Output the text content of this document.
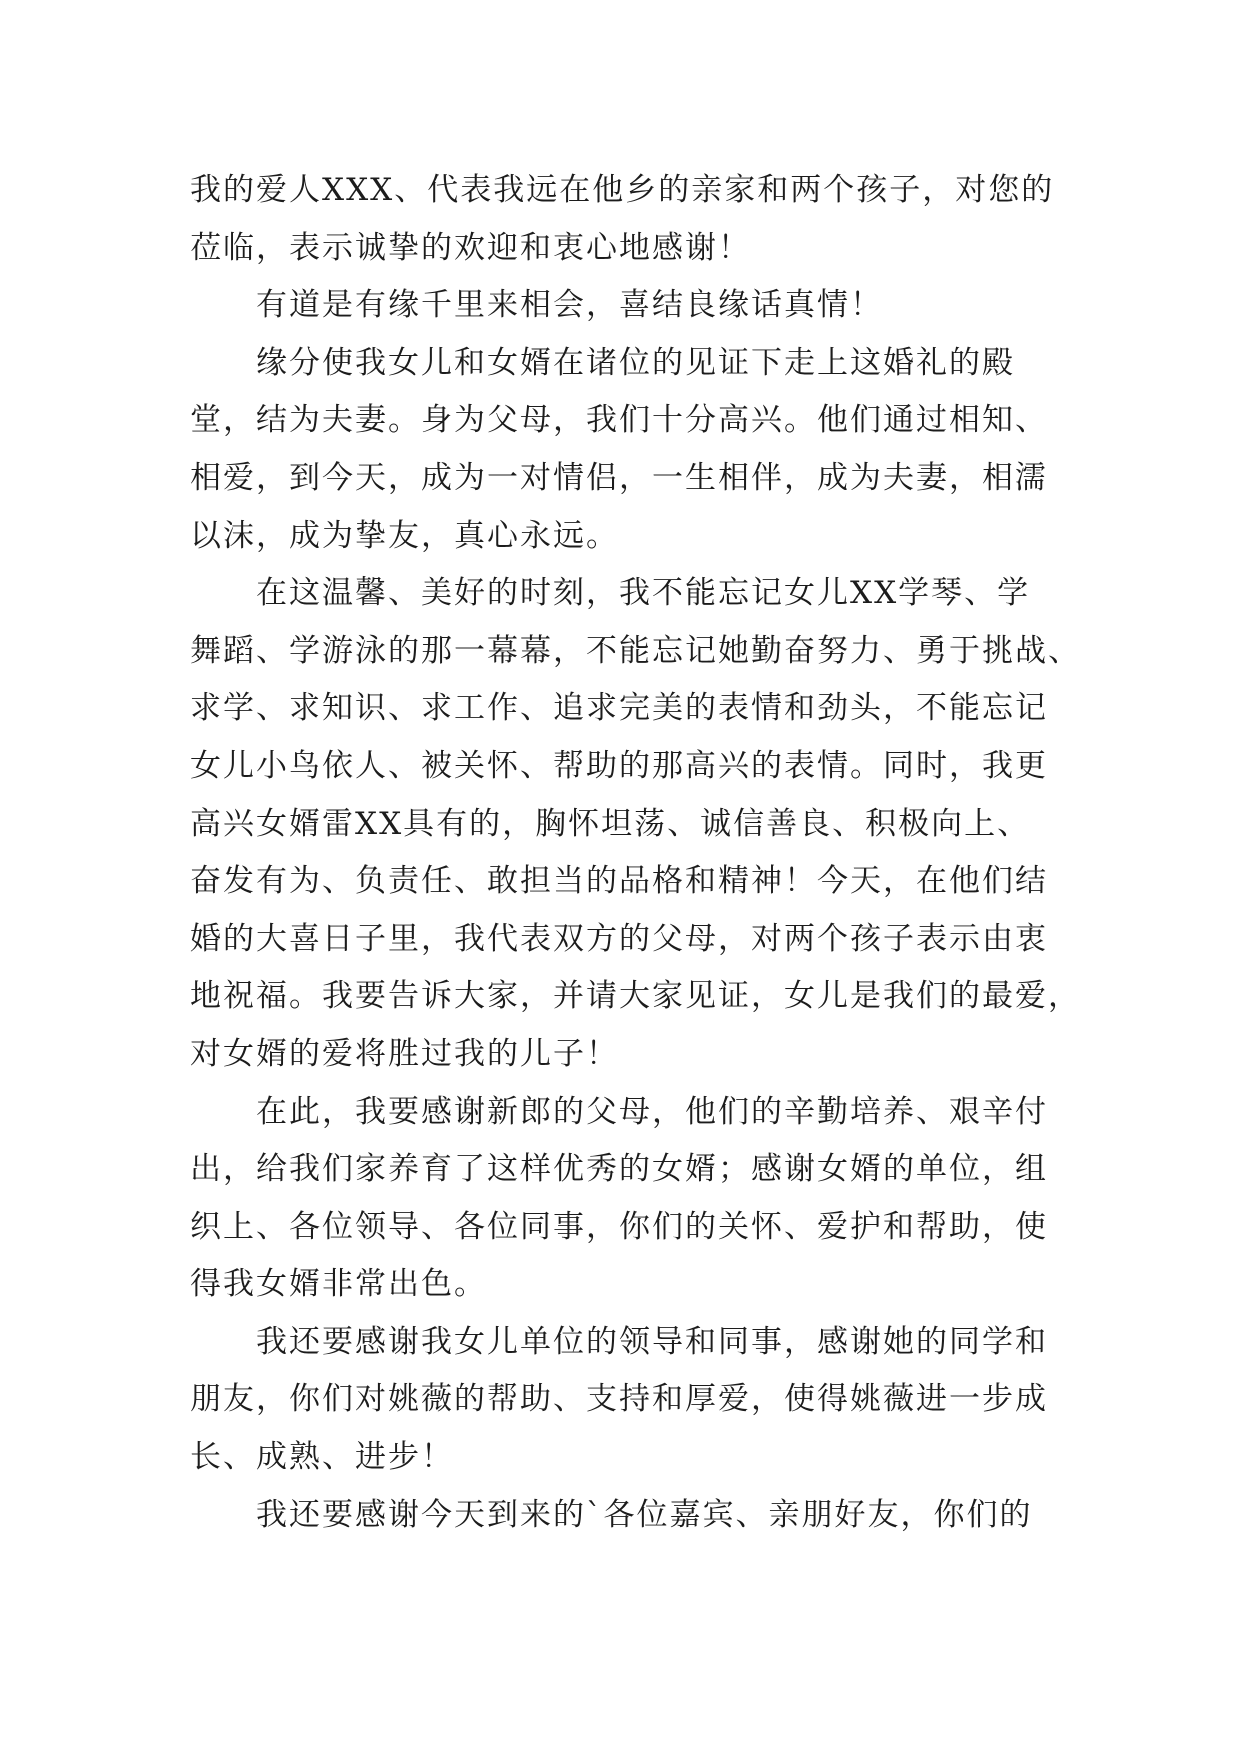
我的爱人XXX、代表我远在他乡的亲家和两个孩子，对您的
莅临，表示诚挚的欢迎和衷心地感谢！
有道是有缘千里来相会，喜结良缘话真情！
缘分使我女儿和女婿在诸位的见证下走上这婚礼的殿
堂，结为夫妻。身为父母，我们十分高兴。他们通过相知、
相爱，到今天，成为一对情侣，一生相伴，成为夫妻，相濡
以沫，成为挚友，真心永远。
在这温馨、美好的时刻，我不能忘记女儿XX学琴、学
舞蹈、学游泳的那一幕幕，不能忘记她勤奋努力、勇于挑战、
求学、求知识、求工作、追求完美的表情和劲头，不能忘记
女儿小鸟依人、被关怀、帮助的那高兴的表情。同时，我更
高兴女婿雷XX具有的，胸怀坦荡、诚信善良、积极向上、
奋发有为、负责任、敢担当的品格和精神！今天，在他们结
婚的大喜日子里，我代表双方的父母，对两个孩子表示由衷
地祝福。我要告诉大家，并请大家见证，女儿是我们的最爱，
对女婿的爱将胜过我的儿子！
在此，我要感谢新郎的父母，他们的辛勤培养、艰辛付
出，给我们家养育了这样优秀的女婿；感谢女婿的单位，组
织上、各位领导、各位同事，你们的关怀、爱护和帮助，使
得我女婿非常出色。
我还要感谢我女儿单位的领导和同事，感谢她的同学和
朋友，你们对姚薇的帮助、支持和厚爱，使得姚薇进一步成
长、成熟、进步！
我还要感谢今天到来的`各位嘉宾、亲朋好友，你们的
